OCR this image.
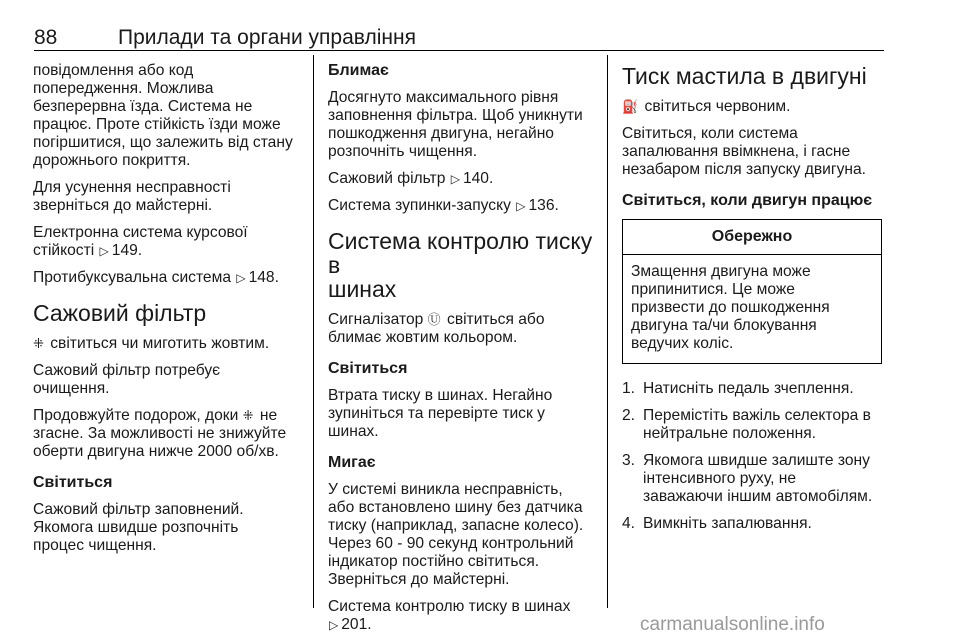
88	Прилади та органи управління

повідомлення або код
попередження. Можлива
безперервна їзда. Система не
працює. Проте стійкість їзди може
погіршитися, що залежить від стану
дорожнього покриття.

Для усунення несправності
зверніться до майстерні.

Електронна система курсової
стійкості ▷ 149.

Протибуксувальна система ▷ 148.

Сажовий фільтр

⁜ світиться чи миготить жовтим.

Сажовий фільтр потребує
очищення.

Продовжуйте подорож, доки ⁜ не
згасне. За можливості не знижуйте
оберти двигуна нижче 2000 об/хв.

Світиться

Сажовий фільтр заповнений.
Якомога швидше розпочніть
процес чищення.

Блимає

Досягнуто максимального рівня
заповнення фільтра. Щоб уникнути
пошкодження двигуна, негайно
розпочніть чищення.

Сажовий фільтр ▷ 140.

Система зупинки-запуску ▷ 136.

Система контролю тиску в
шинах

Сигналізатор Ⓤ світиться або
блимає жовтим кольором.

Світиться

Втрата тиску в шинах. Негайно
зупиніться та перевірте тиск у
шинах.

Мигає

У системі виникла несправність,
або встановлено шину без датчика
тиску (наприклад, запасне колесо).
Через 60 - 90 секунд контрольний
індикатор постійно світиться.
Зверніться до майстерні.

Система контролю тиску в шинах
▷ 201.

Тиск мастила в двигуні

⛽ світиться червоним.

Світиться, коли система
запалювання ввімкнена, і гасне
незабаром після запуску двигуна.

Світиться, коли двигун працює
Обережно
Змащення двигуна може
припинитися. Це може
призвести до пошкодження
двигуна та/чи блокування
ведучих коліс.
1. Натисніть педаль зчеплення.
2. Перемістіть важіль селектора в
нейтральне положення.
3. Якомога швидше залиште зону
інтенсивного руху, не
заважаючи іншим автомобілям.
4. Вимкніть запалювання.
carmanualsonline.info
